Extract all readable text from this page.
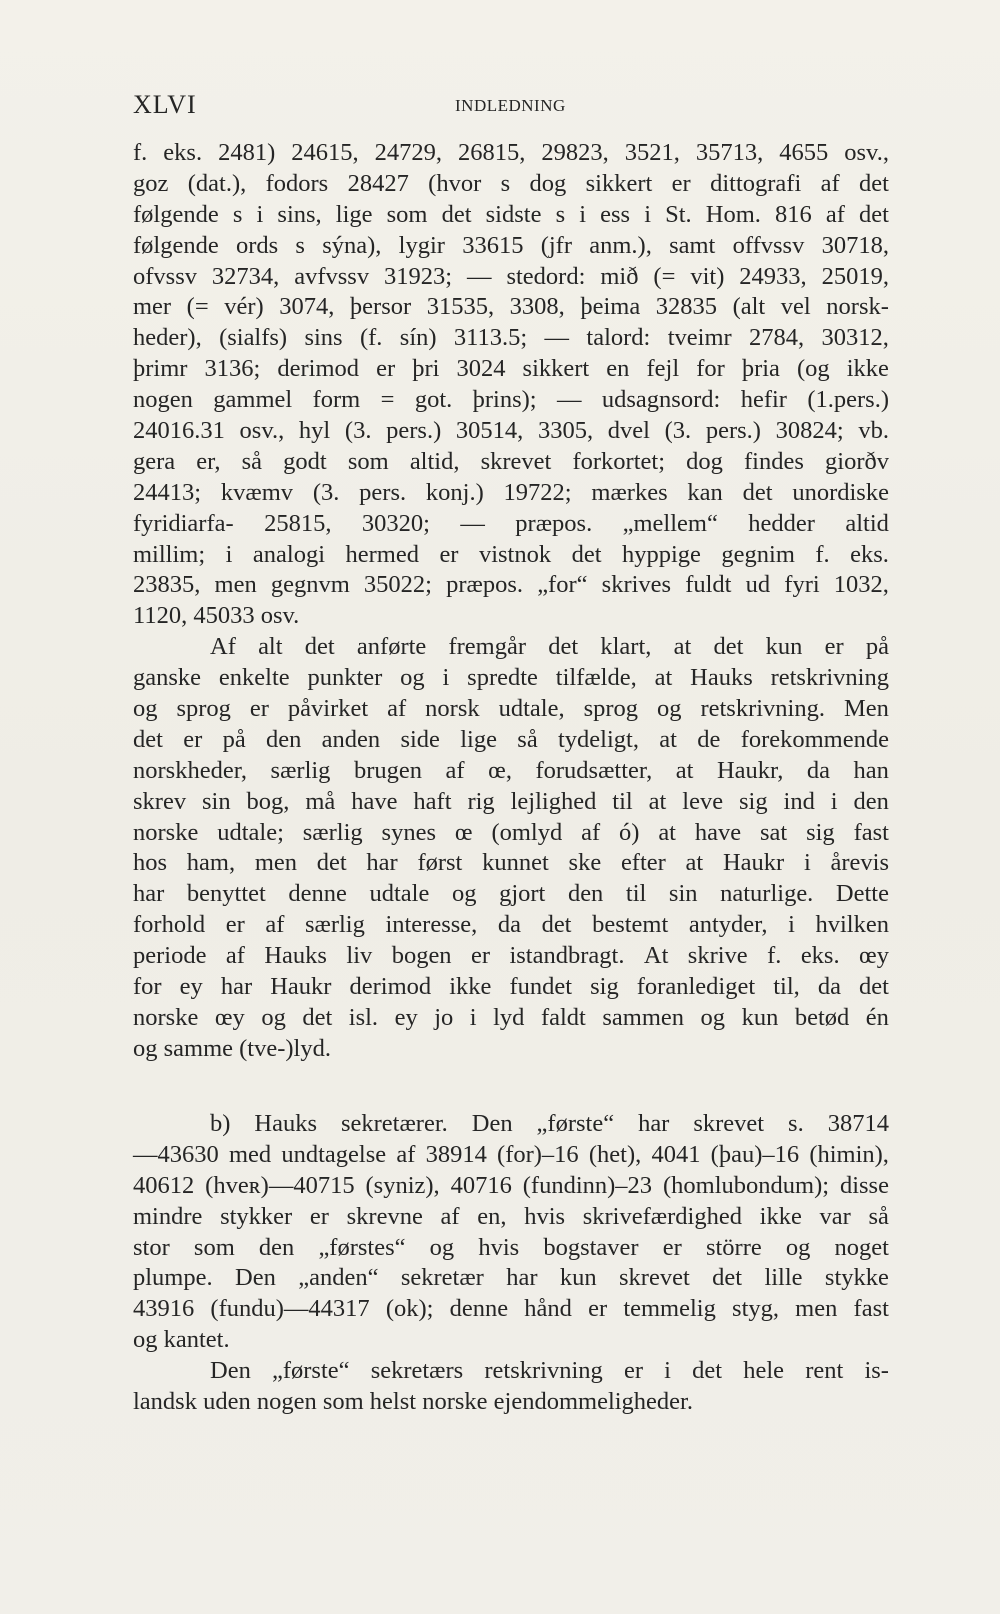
XLVI	INDLEDNING
f. eks. 2481) 24615, 24729, 26815, 29823, 3521, 35713, 4655 osv.,
goz (dat.), fodors 28427 (hvor s dog sikkert er dittografi af det
følgende s i sins, lige som det sidste s i ess i St. Hom. 816 af det
følgende ords s sýna), lygir 33615 (jfr anm.), samt offvssv 30718,
ofvssv 32734, avfvssv 31923; — stedord: mið (= vit) 24933, 25019,
mer (= vér) 3074, þersor 31535, 3308, þeima 32835 (alt vel norsk-
heder), (sialfs) sins (f. sín) 3113.5; — talord: tveimr 2784, 30312,
þrimr 3136; derimod er þri 3024 sikkert en fejl for þria (og ikke
nogen gammel form = got. þrins); — udsagnsord: hefir (1.pers.)
24016.31 osv., hyl (3. pers.) 30514, 3305, dvel (3. pers.) 30824; vb.
gera er, så godt som altid, skrevet forkortet; dog findes giorðv
24413; kvæmv (3. pers. konj.) 19722; mærkes kan det unordiske
fyridiarfa- 25815, 30320; — præpos. „mellem“ hedder altid
millim; i analogi hermed er vistnok det hyppige gegnim f. eks.
23835, men gegnvm 35022; præpos. „for“ skrives fuldt ud fyri 1032,
1120, 45033 osv.
Af alt det anførte fremgår det klart, at det kun er på
ganske enkelte punkter og i spredte tilfælde, at Hauks retskrivning
og sprog er påvirket af norsk udtale, sprog og retskrivning. Men
det er på den anden side lige så tydeligt, at de forekommende
norskheder, særlig brugen af œ, forudsætter, at Haukr, da han
skrev sin bog, må have haft rig lejlighed til at leve sig ind i den
norske udtale; særlig synes œ (omlyd af ó) at have sat sig fast
hos ham, men det har først kunnet ske efter at Haukr i årevis
har benyttet denne udtale og gjort den til sin naturlige. Dette
forhold er af særlig interesse, da det bestemt antyder, i hvilken
periode af Hauks liv bogen er istandbragt. At skrive f. eks. œy
for ey har Haukr derimod ikke fundet sig foranlediget til, da det
norske œy og det isl. ey jo i lyd faldt sammen og kun betød én
og samme (tve-)lyd.
b) Hauks sekretærer. Den „første“ har skrevet s. 38714
—43630 med undtagelse af 38914 (for)–16 (het), 4041 (þau)–16 (himin),
40612 (hveʀ)—40715 (syniz), 40716 (fundinn)–23 (homlubondum); disse
mindre stykker er skrevne af en, hvis skrivefærdighed ikke var så
stor som den „førstes“ og hvis bogstaver er större og noget
plumpe. Den „anden“ sekretær har kun skrevet det lille stykke
43916 (fundu)—44317 (ok); denne hånd er temmelig styg, men fast
og kantet.
Den „første“ sekretærs retskrivning er i det hele rent is-
landsk uden nogen som helst norske ejendommeligheder.
